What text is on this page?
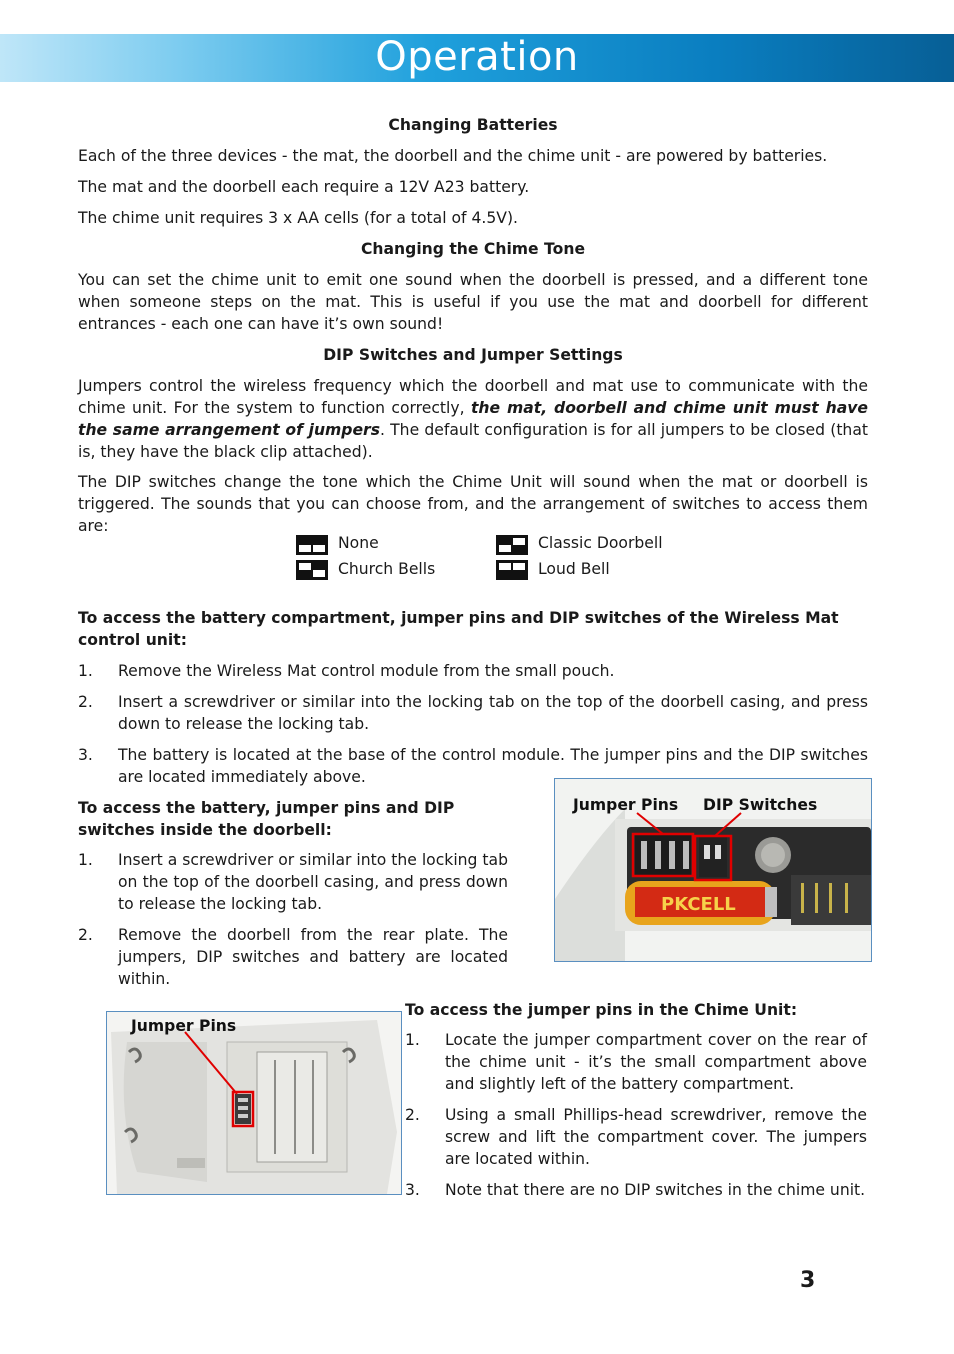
Operation
Changing Batteries
Each of the three devices - the mat, the doorbell and the chime unit - are powered by batteries.
The mat and the doorbell each require a 12V A23 battery.
The chime unit requires 3 x AA cells (for a total of 4.5V).
Changing the Chime Tone
You can set the chime unit to emit one sound when the doorbell is pressed, and a different tone when someone steps on the mat. This is useful if you use the mat and doorbell for different entrances - each one can have it’s own sound!
DIP Switches and Jumper Settings
Jumpers control the wireless frequency which the doorbell and mat use to communicate with the chime unit. For the system to function correctly, the mat, doorbell and chime unit must have the same arrangement of jumpers. The default configuration is for all jumpers to be closed (that is, they have the black clip attached).
The DIP switches change the tone which the Chime Unit will sound when the mat or doorbell is triggered. The sounds that you can choose from, and the arrangement of switches to access them are:
None	Classic Doorbell
Church Bells	Loud Bell
To access the battery compartment, jumper pins and DIP switches of the Wireless Mat control unit:
1. Remove the Wireless Mat control module from the small pouch.
2. Insert a screwdriver or similar into the locking tab on the top of the doorbell casing, and press down to release the locking tab.
3. The battery is located at the base of the control module. The jumper pins and the DIP switches are located immediately above.
To access the battery, jumper pins and DIP switches inside the doorbell:
1. Insert a screwdriver or similar into the locking tab on the top of the doorbell casing, and press down to release the locking tab.
2. Remove the doorbell from the rear plate. The jumpers, DIP switches and battery are located within.
PKCELL
Jumper Pins DIP Switches
Jumper Pins
To access the jumper pins in the Chime Unit:
1. Locate the jumper compartment cover on the rear of the chime unit - it’s the small compartment above and slightly left of the battery compartment.
2. Using a small Phillips-head screwdriver, remove the screw and lift the compartment cover. The jumpers are located within.
3. Note that there are no DIP switches in the chime unit.
3
